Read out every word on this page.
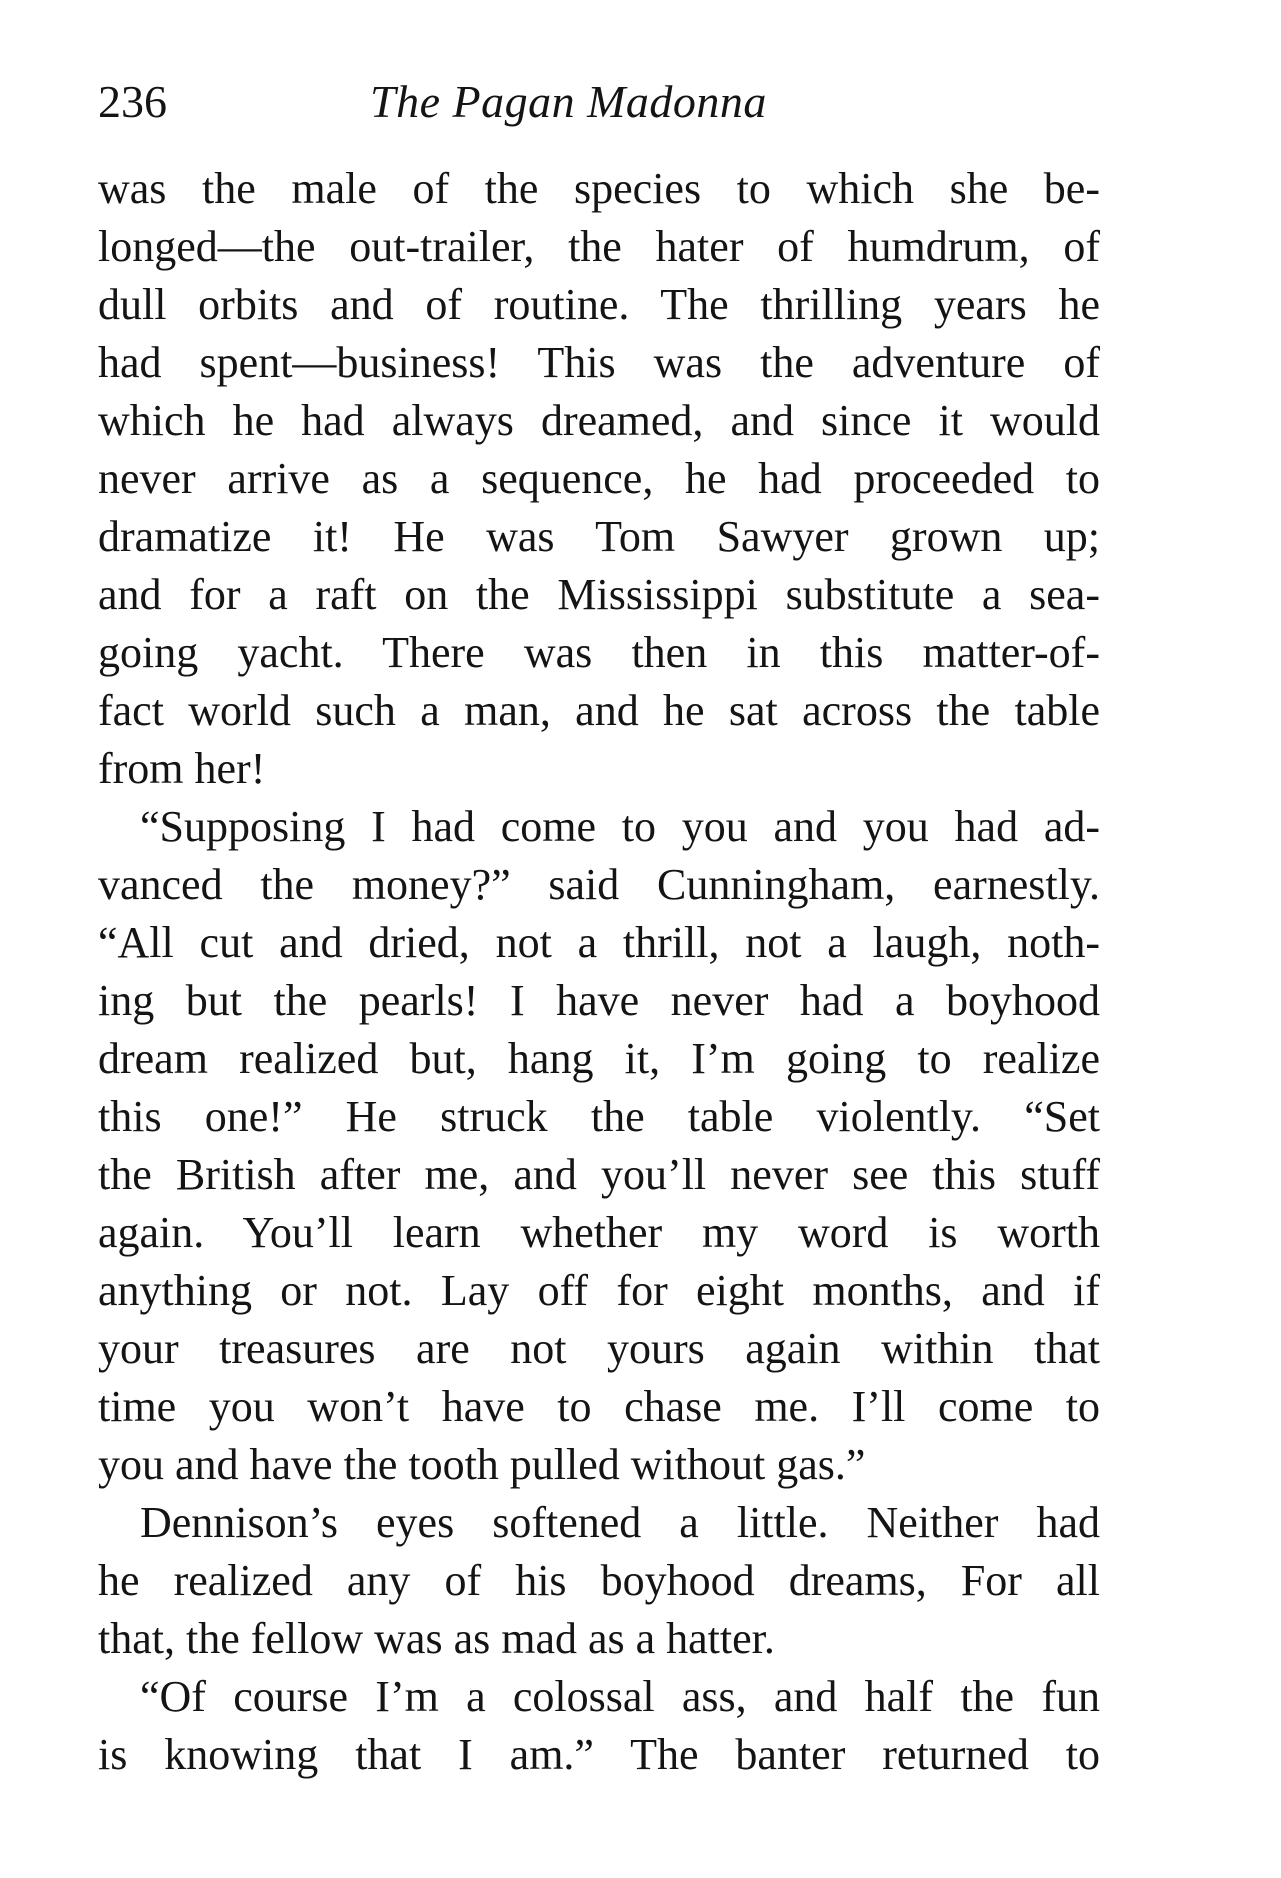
236	The Pagan Madonna
was the male of the species to which she be-
longed—the out-trailer, the hater of humdrum, of
dull orbits and of routine. The thrilling years he
had spent—business! This was the adventure of
which he had always dreamed, and since it would
never arrive as a sequence, he had proceeded to
dramatize it! He was Tom Sawyer grown up;
and for a raft on the Mississippi substitute a sea-
going yacht. There was then in this matter-of-
fact world such a man, and he sat across the table
from her!
“Supposing I had come to you and you had ad-
vanced the money?” said Cunningham, earnestly.
“All cut and dried, not a thrill, not a laugh, noth-
ing but the pearls! I have never had a boyhood
dream realized but, hang it, I’m going to realize
this one!” He struck the table violently. “Set
the British after me, and you’ll never see this stuff
again. You’ll learn whether my word is worth
anything or not. Lay off for eight months, and if
your treasures are not yours again within that
time you won’t have to chase me. I’ll come to
you and have the tooth pulled without gas.”
Dennison’s eyes softened a little. Neither had
he realized any of his boyhood dreams, For all
that, the fellow was as mad as a hatter.
“Of course I’m a colossal ass, and half the fun
is knowing that I am.” The banter returned to
